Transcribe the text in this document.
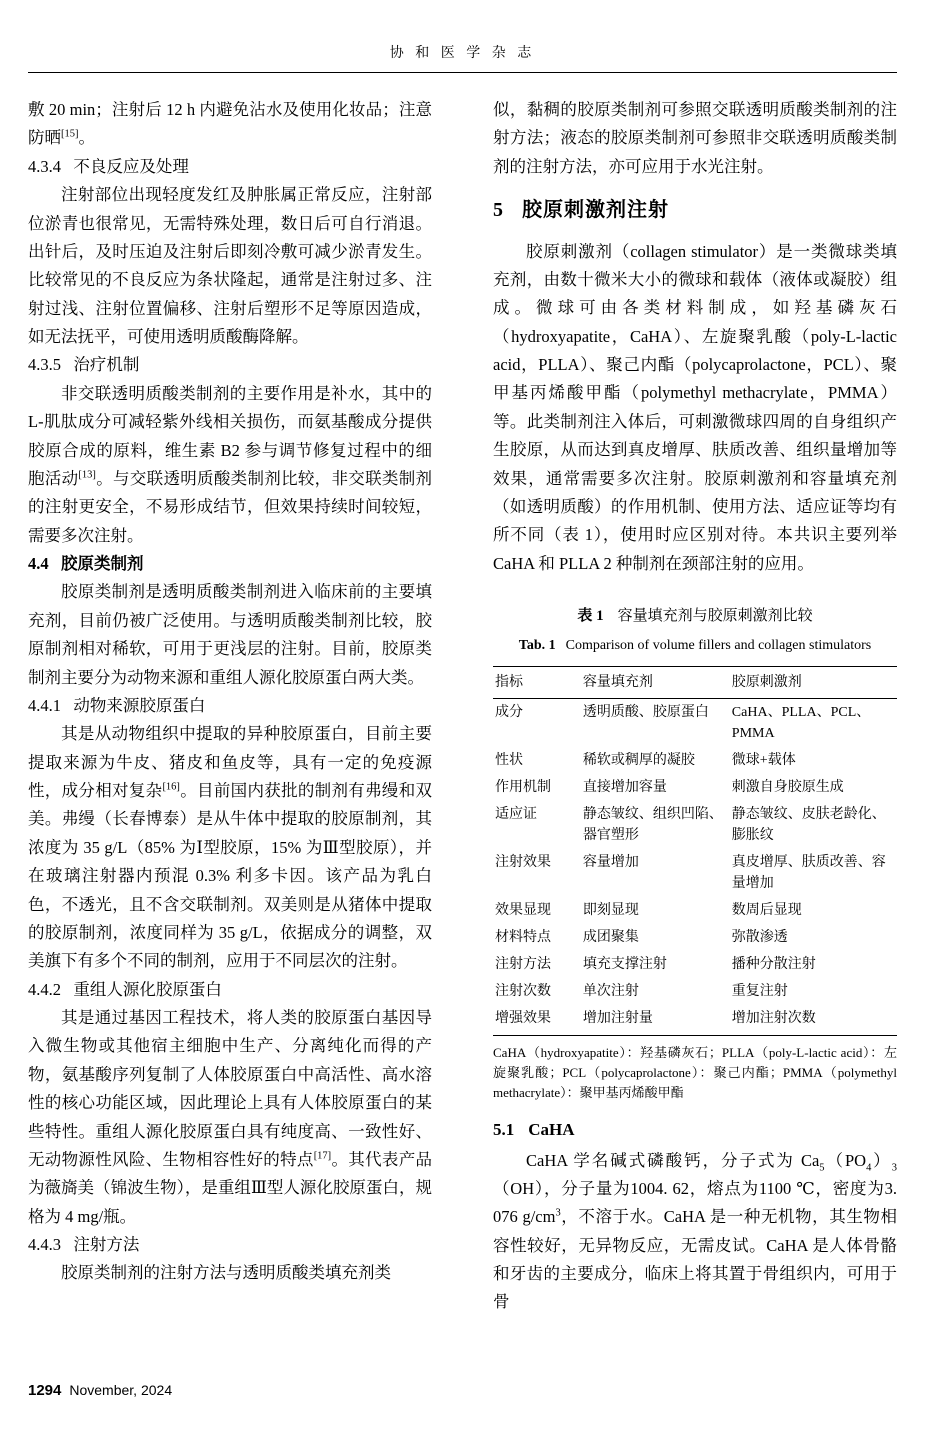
协 和 医 学 杂 志

敷 20 min；注射后 12 h 内避免沾水及使用化妆品；注意防晒[15]。

4.3.4 不良反应及处理

注射部位出现轻度发红及肿胀属正常反应，注射部位淤青也很常见，无需特殊处理，数日后可自行消退。出针后，及时压迫及注射后即刻冷敷可减少淤青发生。比较常见的不良反应为条状隆起，通常是注射过多、注射过浅、注射位置偏移、注射后塑形不足等原因造成，如无法抚平，可使用透明质酸酶降解。

4.3.5 治疗机制

非交联透明质酸类制剂的主要作用是补水，其中的 L-肌肽成分可减轻紫外线相关损伤，而氨基酸成分提供胶原合成的原料，维生素 B2 参与调节修复过程中的细胞活动[13]。与交联透明质酸类制剂比较，非交联类制剂的注射更安全，不易形成结节，但效果持续时间较短，需要多次注射。

4.4 胶原类制剂

胶原类制剂是透明质酸类制剂进入临床前的主要填充剂，目前仍被广泛使用。与透明质酸类制剂比较，胶原制剂相对稀软，可用于更浅层的注射。目前，胶原类制剂主要分为动物来源和重组人源化胶原蛋白两大类。

4.4.1 动物来源胶原蛋白

其是从动物组织中提取的异种胶原蛋白，目前主要提取来源为牛皮、猪皮和鱼皮等，具有一定的免疫源性，成分相对复杂[16]。目前国内获批的制剂有弗缦和双美。弗缦（长春博泰）是从牛体中提取的胶原制剂，其浓度为 35 g/L（85% 为Ⅰ型胶原，15% 为Ⅲ型胶原），并在玻璃注射器内预混 0.3% 利多卡因。该产品为乳白色，不透光，且不含交联制剂。双美则是从猪体中提取的胶原制剂，浓度同样为 35 g/L，依据成分的调整，双美旗下有多个不同的制剂，应用于不同层次的注射。

4.4.2 重组人源化胶原蛋白

其是通过基因工程技术，将人类的胶原蛋白基因导入微生物或其他宿主细胞中生产、分离纯化而得的产物，氨基酸序列复制了人体胶原蛋白中高活性、高水溶性的核心功能区域，因此理论上具有人体胶原蛋白的某些特性。重组人源化胶原蛋白具有纯度高、一致性好、无动物源性风险、生物相容性好的特点[17]。其代表产品为薇旖美（锦波生物），是重组Ⅲ型人源化胶原蛋白，规格为 4 mg/瓶。

4.4.3 注射方法

胶原类制剂的注射方法与透明质酸类填充剂类

似，黏稠的胶原类制剂可参照交联透明质酸类制剂的注射方法；液态的胶原类制剂可参照非交联透明质酸类制剂的注射方法，亦可应用于水光注射。

5 胶原刺激剂注射

胶原刺激剂（collagen stimulator）是一类微球类填充剂，由数十微米大小的微球和载体（液体或凝胶）组成。微球可由各类材料制成，如羟基磷灰石（hydroxyapatite，CaHA）、左旋聚乳酸（poly-L-lactic acid，PLLA）、聚己内酯（polycaprolactone，PCL）、聚甲基丙烯酸甲酯（polymethyl methacrylate，PMMA）等。此类制剂注入体后，可刺激微球四周的自身组织产生胶原，从而达到真皮增厚、肤质改善、组织量增加等效果，通常需要多次注射。胶原刺激剂和容量填充剂（如透明质酸）的作用机制、使用方法、适应证等均有所不同（表 1），使用时应区别对待。本共识主要列举 CaHA 和 PLLA 2 种制剂在颈部注射的应用。

表 1 容量填充剂与胶原刺激剂比较
Tab. 1 Comparison of volume fillers and collagen stimulators
指标	容量填充剂	胶原刺激剂
成分	透明质酸、胶原蛋白	CaHA、PLLA、PCL、PMMA
性状	稀软或稠厚的凝胶	微球+载体
作用机制	直接增加容量	刺激自身胶原生成
适应证	静态皱纹、组织凹陷、器官塑形	静态皱纹、皮肤老龄化、膨胀纹
注射效果	容量增加	真皮增厚、肤质改善、容量增加
效果显现	即刻显现	数周后显现
材料特点	成团聚集	弥散渗透
注射方法	填充支撑注射	播种分散注射
注射次数	单次注射	重复注射
增强效果	增加注射量	增加注射次数
CaHA（hydroxyapatite）：羟基磷灰石；PLLA（poly-L-lactic acid）：左旋聚乳酸；PCL（polycaprolactone）：聚己内酯；PMMA（polymethyl methacrylate）：聚甲基丙烯酸甲酯

5.1 CaHA

CaHA 学名碱式磷酸钙，分子式为 $Ca_5(PO_4)_3(OH)$，分子量为1004. 62，熔点为1100 ℃，密度为3. 076 $g/cm^3$，不溶于水。CaHA 是一种无机物，其生物相容性较好，无异物反应，无需皮试。CaHA 是人体骨骼和牙齿的主要成分，临床上将其置于骨组织内，可用于骨

1294 November, 2024
